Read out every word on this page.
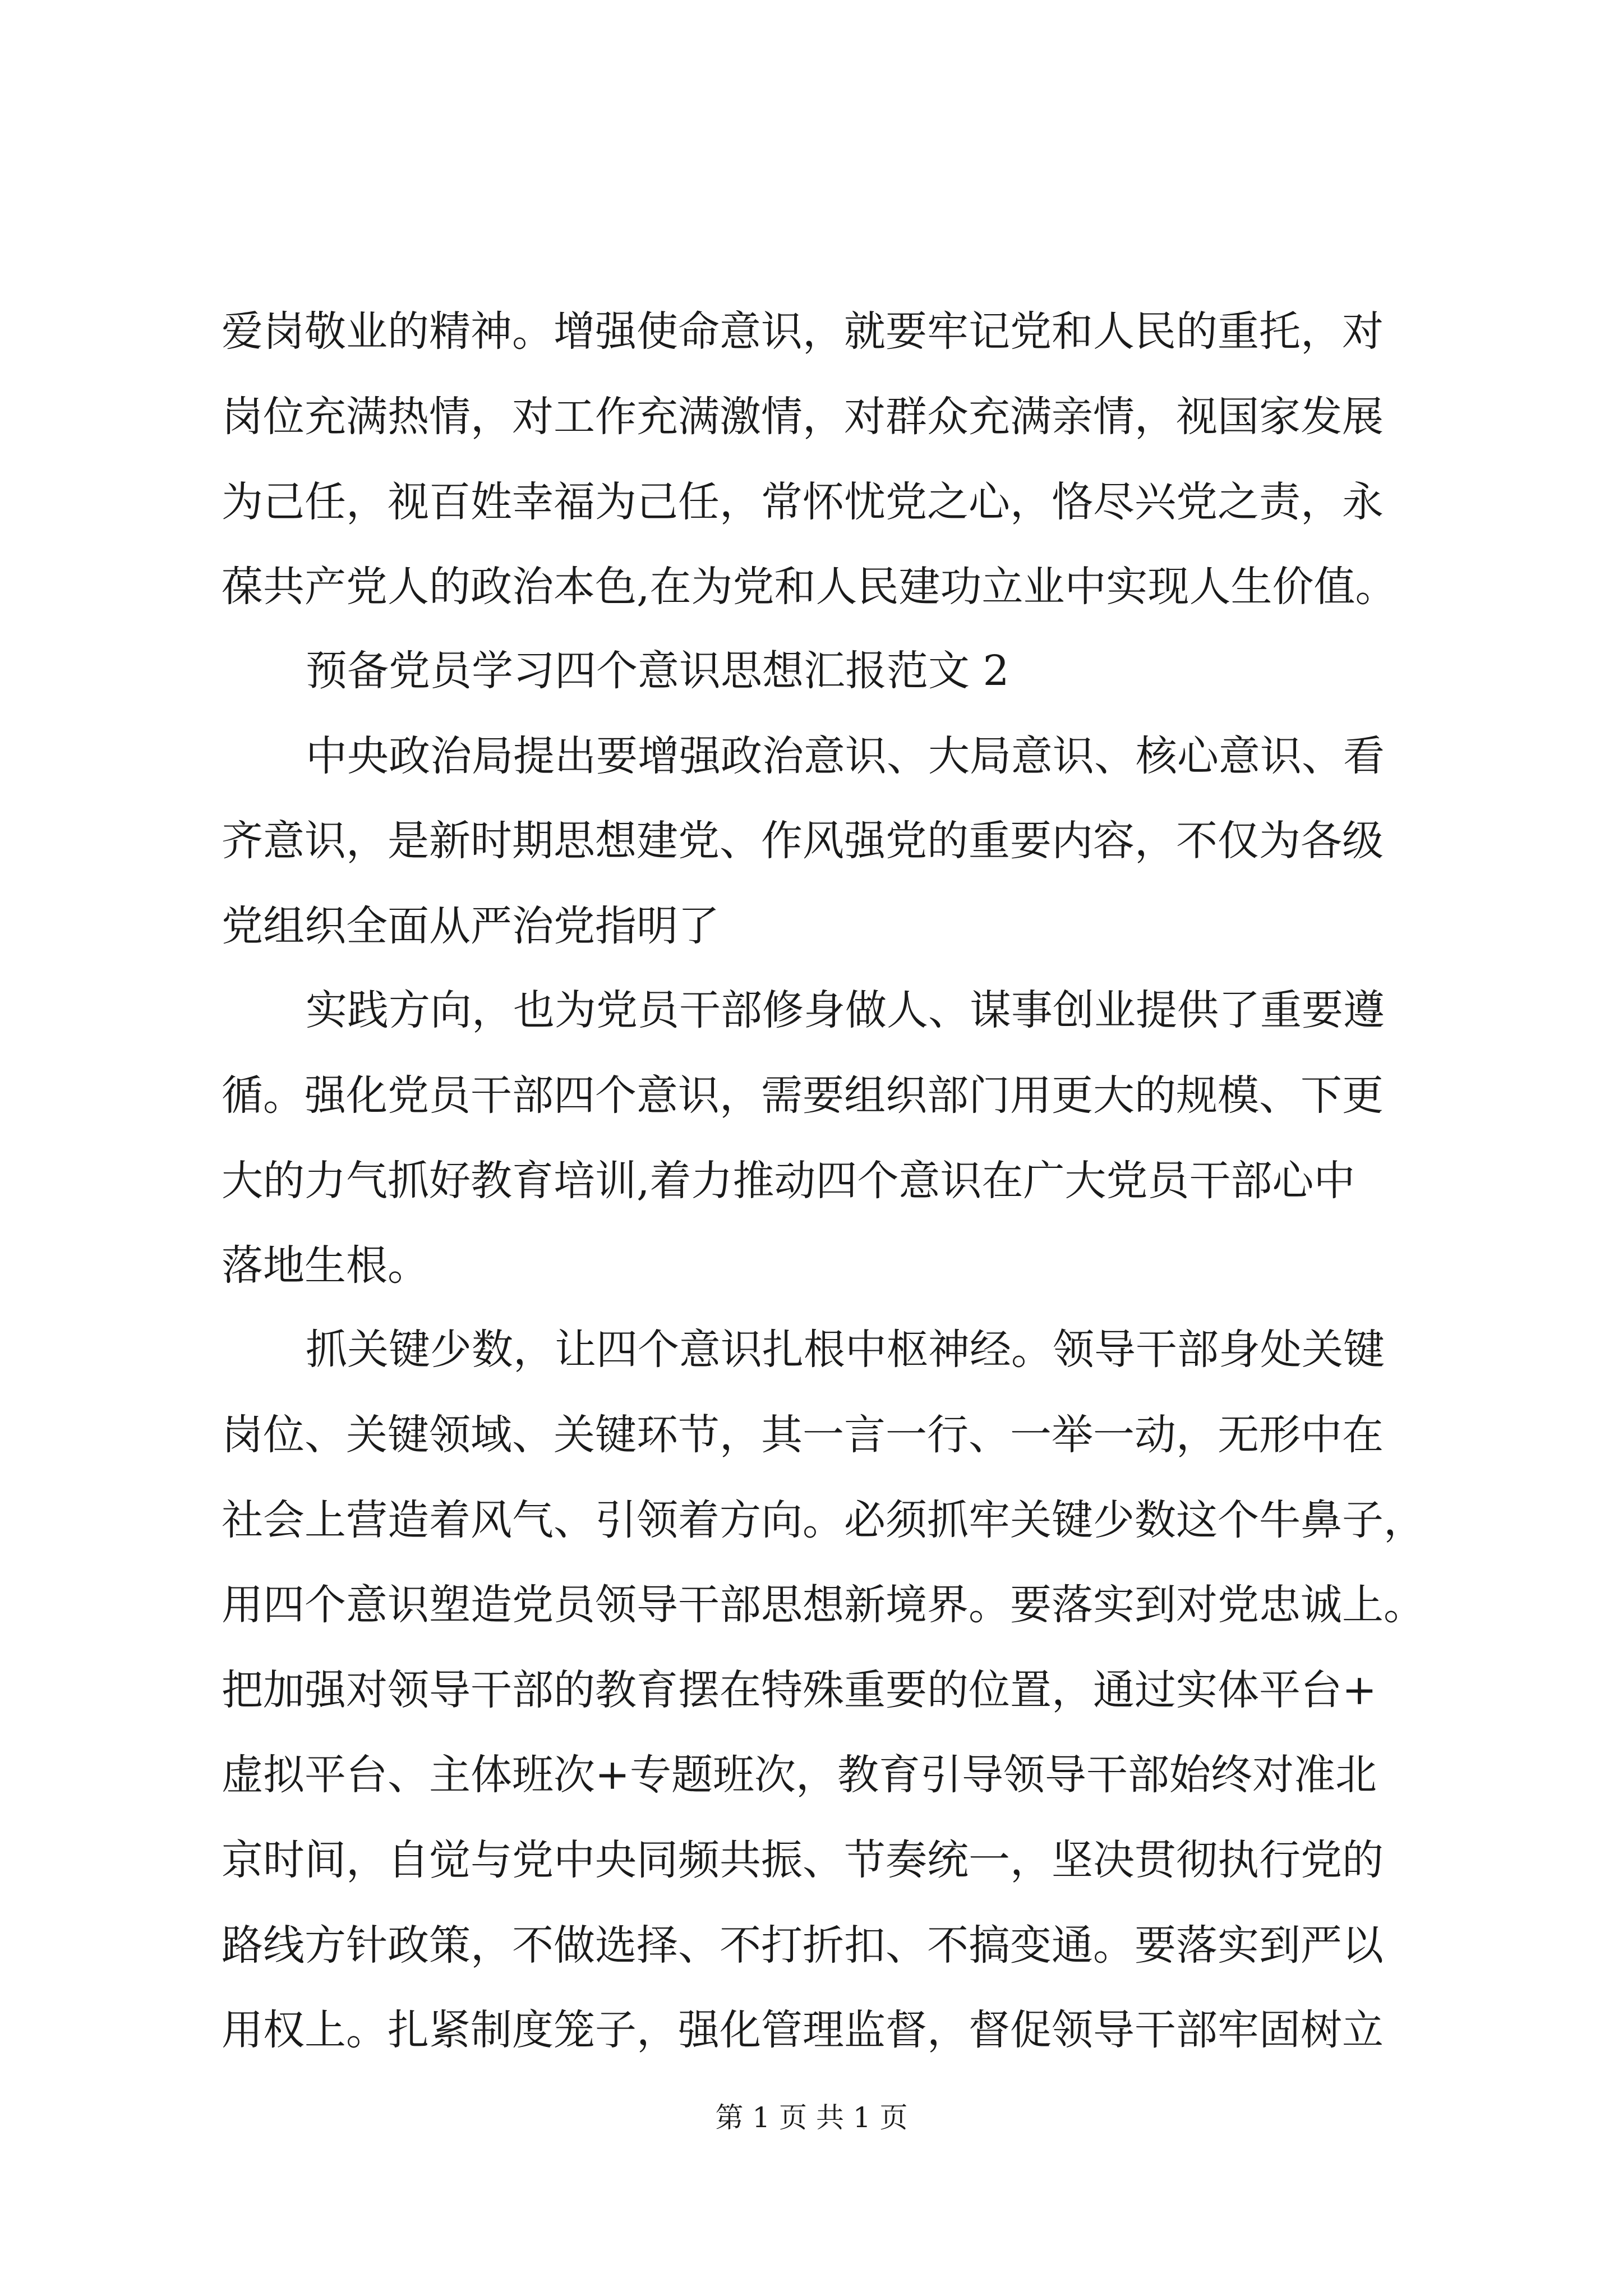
爱岗敬业的精神。增强使命意识，就要牢记党和人民的重托，对

岗位充满热情，对工作充满激情，对群众充满亲情，视国家发展

为己任，视百姓幸福为己任，常怀忧党之心，恪尽兴党之责，永

葆共产党人的政治本色,在为党和人民建功立业中实现人生价值。

预备党员学习四个意识思想汇报范文 2

中央政治局提出要增强政治意识、大局意识、核心意识、看

齐意识，是新时期思想建党、作风强党的重要内容，不仅为各级

党组织全面从严治党指明了

实践方向，也为党员干部修身做人、谋事创业提供了重要遵

循。强化党员干部四个意识，需要组织部门用更大的规模、下更

大的力气抓好教育培训,着力推动四个意识在广大党员干部心中

落地生根。

抓关键少数，让四个意识扎根中枢神经。领导干部身处关键

岗位、关键领域、关键环节，其一言一行、一举一动，无形中在

社会上营造着风气、引领着方向。必须抓牢关键少数这个牛鼻子，

用四个意识塑造党员领导干部思想新境界。要落实到对党忠诚上。

把加强对领导干部的教育摆在特殊重要的位置，通过实体平台+

虚拟平台、主体班次+专题班次，教育引导领导干部始终对准北

京时间，自觉与党中央同频共振、节奏统一，坚决贯彻执行党的

路线方针政策，不做选择、不打折扣、不搞变通。要落实到严以

用权上。扎紧制度笼子，强化管理监督，督促领导干部牢固树立

第 1 页 共 1 页
